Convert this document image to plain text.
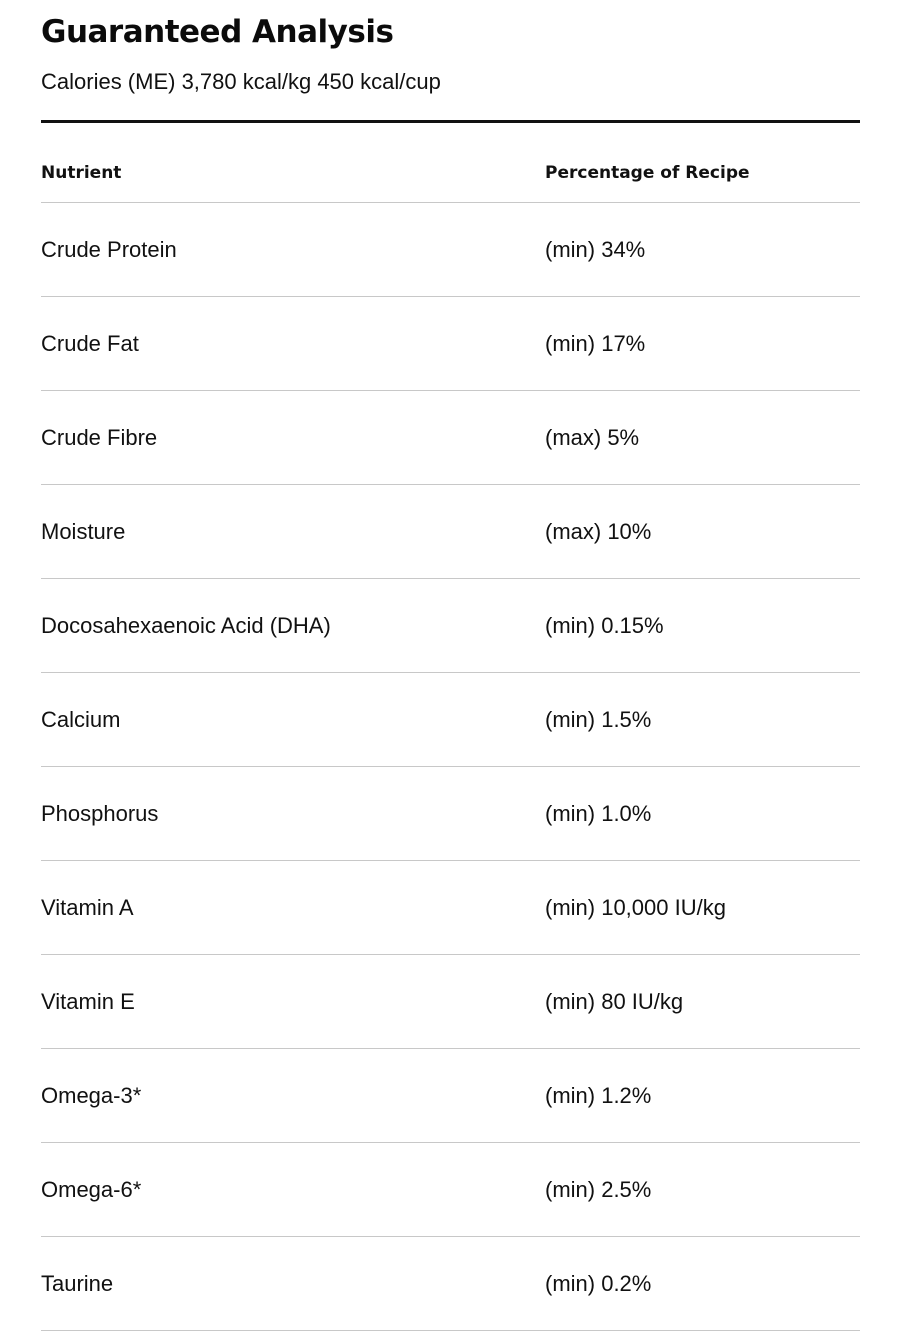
Guaranteed Analysis
Calories (ME) 3,780 kcal/kg 450 kcal/cup
Nutrient	Percentage of Recipe
Crude Protein	(min) 34%
Crude Fat	(min) 17%
Crude Fibre	(max) 5%
Moisture	(max) 10%
Docosahexaenoic Acid (DHA)	(min) 0.15%
Calcium	(min) 1.5%
Phosphorus	(min) 1.0%
Vitamin A	(min) 10,000 IU/kg
Vitamin E	(min) 80 IU/kg
Omega-3*	(min) 1.2%
Omega-6*	(min) 2.5%
Taurine	(min) 0.2%
